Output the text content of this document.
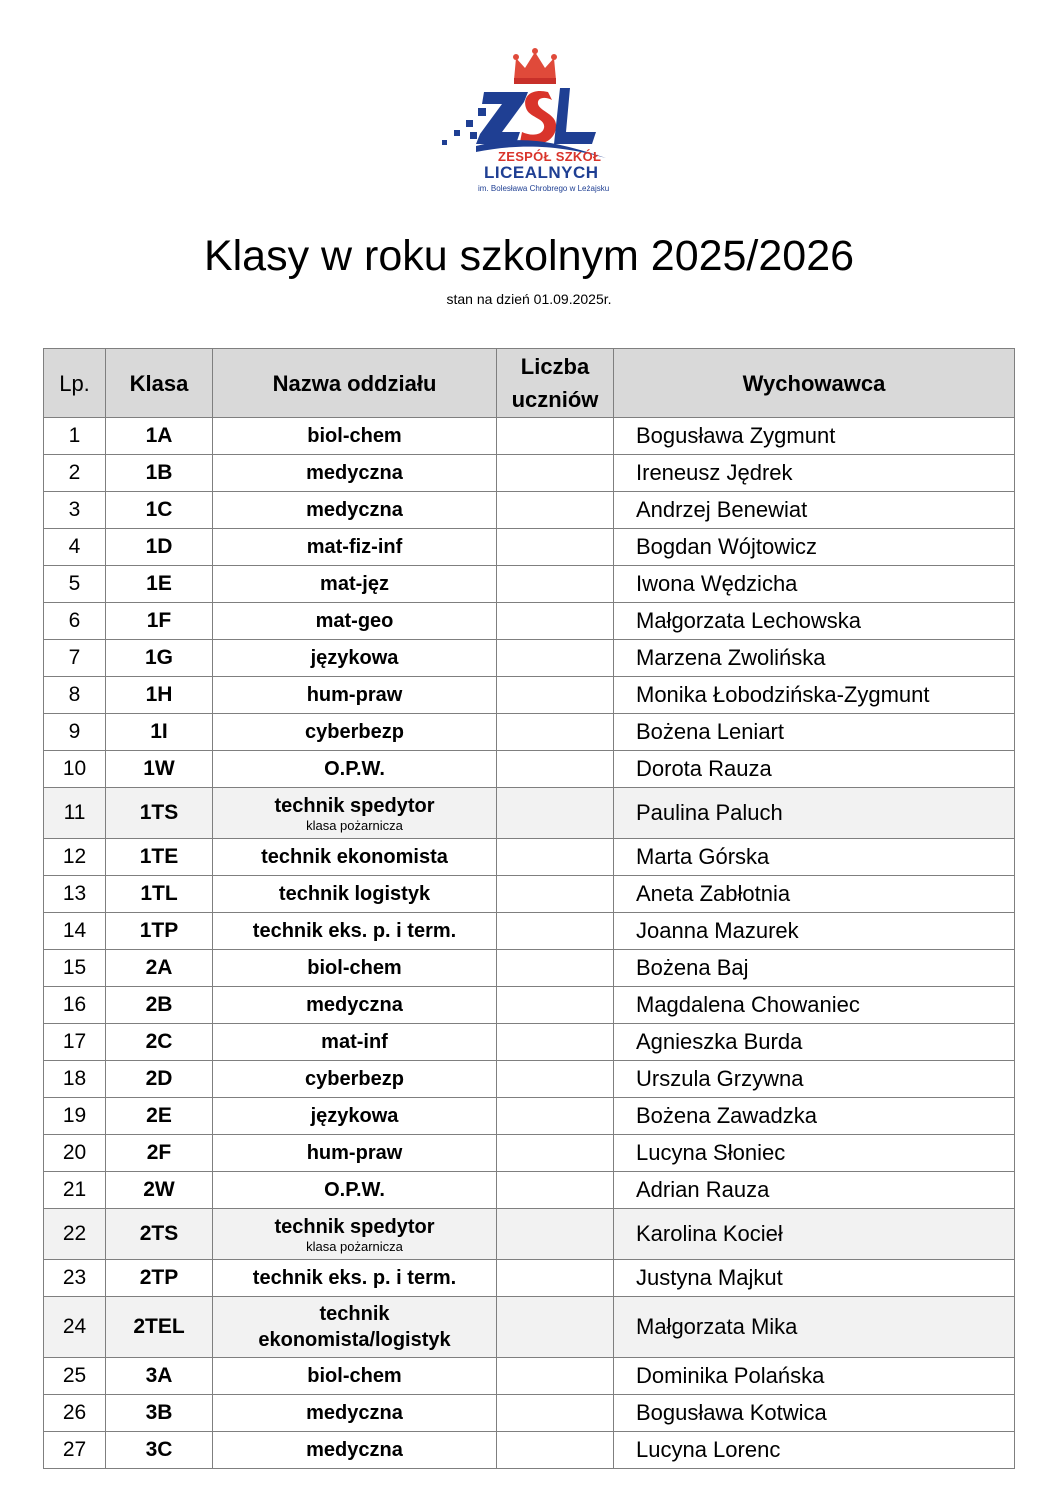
ZESPÓŁ SZKÓŁ
LICEALNYCH
im. Bolesława Chrobrego w Leżajsku
Klasy w roku szkolnym 2025/2026
stan na dzień 01.09.2025r.
Lp.	Klasa	Nazwa oddziału	Liczba
uczniów	Wychowawca
1	1A	biol-chem		Bogusława Zygmunt
2	1B	medyczna		Ireneusz Jędrek
3	1C	medyczna		Andrzej Benewiat
4	1D	mat-fiz-inf		Bogdan Wójtowicz
5	1E	mat-jęz		Iwona Wędzicha
6	1F	mat-geo		Małgorzata Lechowska
7	1G	językowa		Marzena Zwolińska
8	1H	hum-praw		Monika Łobodzińska-Zygmunt
9	1I	cyberbezp		Bożena Leniart
10	1W	O.P.W.		Dorota Rauza
11	1TS	technik spedytor
klasa pożarnicza		Paulina Paluch
12	1TE	technik ekonomista		Marta Górska
13	1TL	technik logistyk		Aneta Zabłotnia
14	1TP	technik eks. p. i term.		Joanna Mazurek
15	2A	biol-chem		Bożena Baj
16	2B	medyczna		Magdalena Chowaniec
17	2C	mat-inf		Agnieszka Burda
18	2D	cyberbezp		Urszula Grzywna
19	2E	językowa		Bożena Zawadzka
20	2F	hum-praw		Lucyna Słoniec
21	2W	O.P.W.		Adrian Rauza
22	2TS	technik spedytor
klasa pożarnicza		Karolina Kocieł
23	2TP	technik eks. p. i term.		Justyna Majkut
24	2TEL	technik
ekonomista/logistyk		Małgorzata Mika
25	3A	biol-chem		Dominika Polańska
26	3B	medyczna		Bogusława Kotwica
27	3C	medyczna		Lucyna Lorenc
